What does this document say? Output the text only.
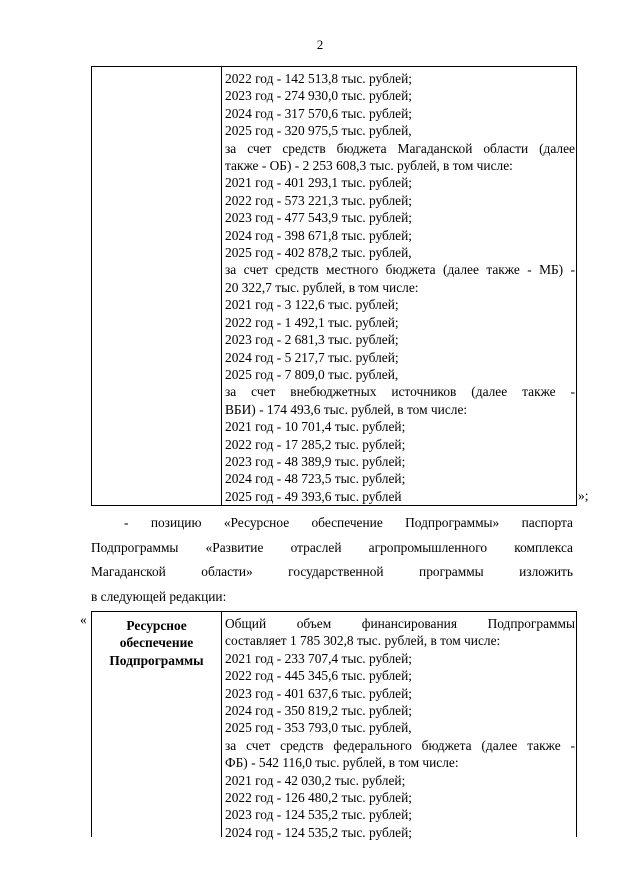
2
2022 год - 142 513,8 тыс. рублей;
2023 год - 274 930,0 тыс. рублей;
2024 год - 317 570,6 тыс. рублей;
2025 год - 320 975,5 тыс. рублей,
за счет средств бюджета Магаданской области (далее
также - ОБ) - 2 253 608,3 тыс. рублей, в том числе:
2021 год - 401 293,1 тыс. рублей;
2022 год - 573 221,3 тыс. рублей;
2023 год - 477 543,9 тыс. рублей;
2024 год - 398 671,8 тыс. рублей;
2025 год - 402 878,2 тыс. рублей,
за счет средств местного бюджета (далее также - МБ) -
20 322,7 тыс. рублей, в том числе:
2021 год - 3 122,6 тыс. рублей;
2022 год - 1 492,1 тыс. рублей;
2023 год - 2 681,3 тыс. рублей;
2024 год - 5 217,7 тыс. рублей;
2025 год - 7 809,0 тыс. рублей,
за счет внебюджетных источников (далее также -
ВБИ) - 174 493,6 тыс. рублей, в том числе:
2021 год - 10 701,4 тыс. рублей;
2022 год - 17 285,2 тыс. рублей;
2023 год - 48 389,9 тыс. рублей;
2024 год - 48 723,5 тыс. рублей;
2025 год - 49 393,6 тыс. рублей	»;
- позицию «Ресурсное обеспечение Подпрограммы» паспорта
Подпрограммы «Развитие отраслей агропромышленного комплекса
Магаданской области» государственной программы изложить
в следующей редакции:
«	Ресурсное
обеспечение
Подпрограммы
Общий объем финансирования Подпрограммы
составляет 1 785 302,8 тыс. рублей, в том числе:
2021 год - 233 707,4 тыс. рублей;
2022 год - 445 345,6 тыс. рублей;
2023 год - 401 637,6 тыс. рублей;
2024 год - 350 819,2 тыс. рублей;
2025 год - 353 793,0 тыс. рублей,
за счет средств федерального бюджета (далее также -
ФБ) - 542 116,0 тыс. рублей, в том числе:
2021 год - 42 030,2 тыс. рублей;
2022 год - 126 480,2 тыс. рублей;
2023 год - 124 535,2 тыс. рублей;
2024 год - 124 535,2 тыс. рублей;
